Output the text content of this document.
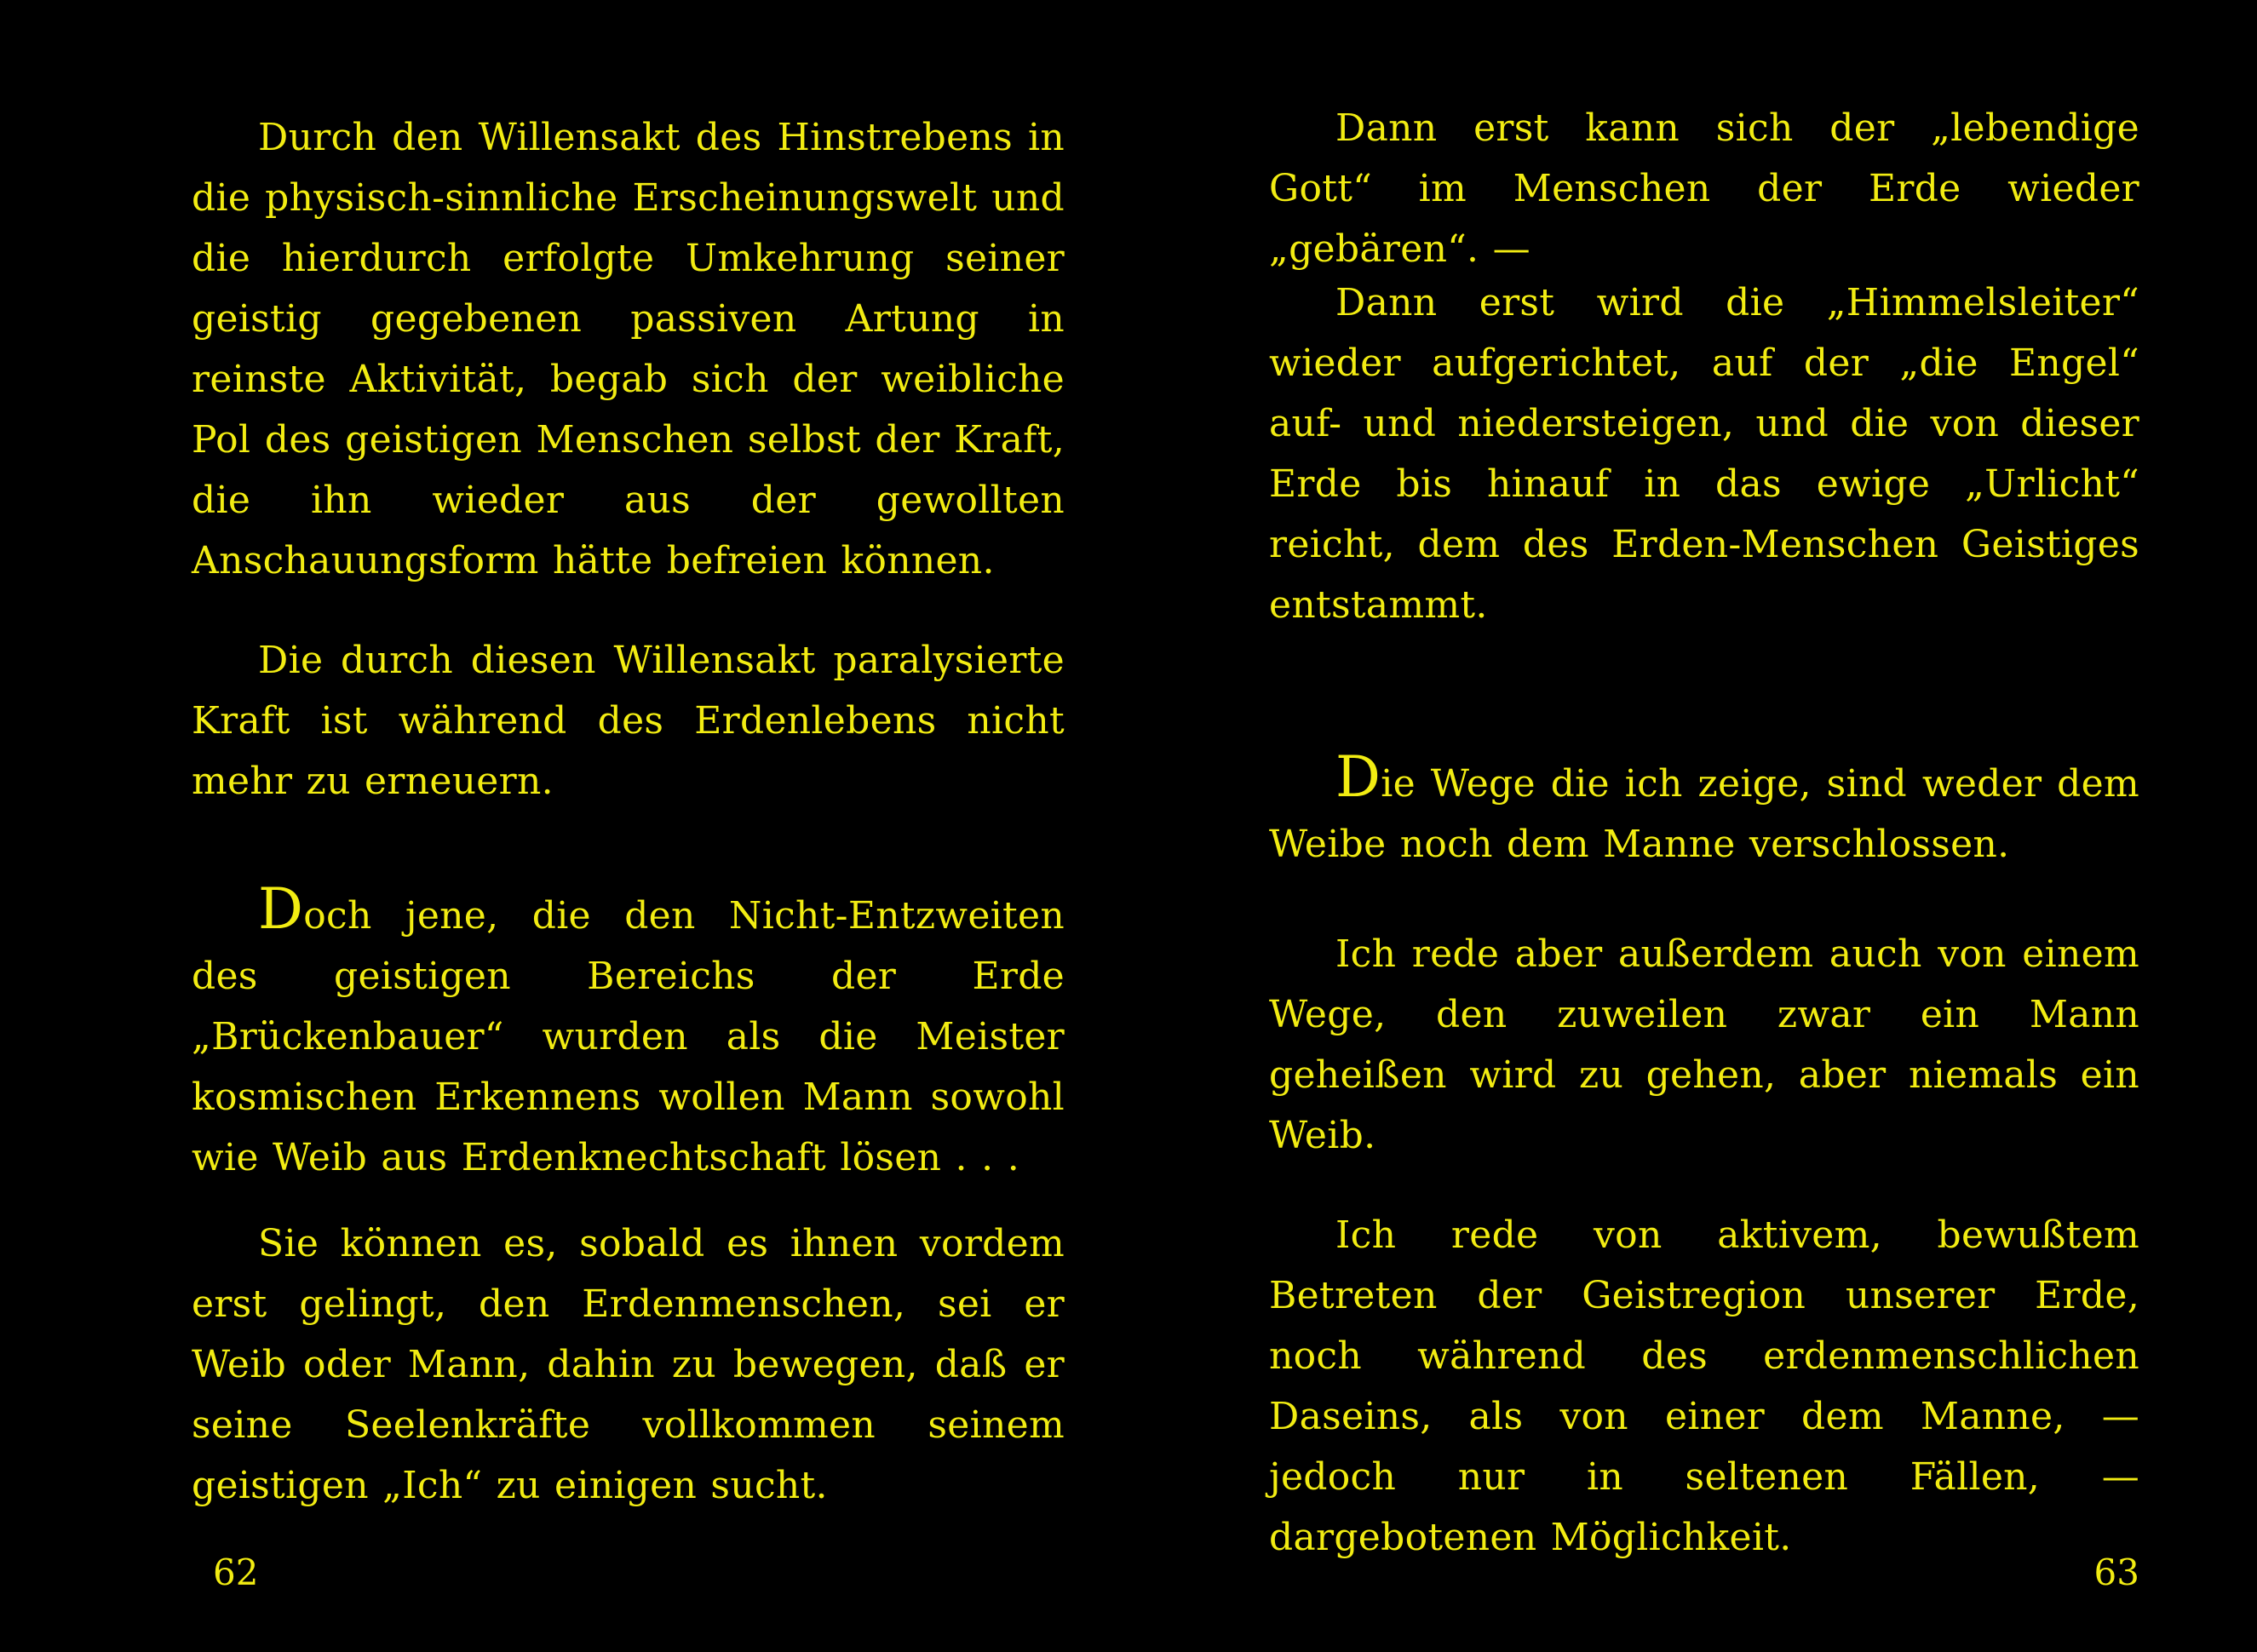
Durch den Willensakt des Hinstrebens in die physisch-sinnliche Erscheinungswelt und die hierdurch erfolgte Umkehrung seiner geistig gegebenen passiven Artung in reinste Aktivität, begab sich der weibliche Pol des geistigen Menschen selbst der Kraft, die ihn wieder aus der gewollten Anschauungsform hätte befreien können.

Die durch diesen Willensakt paralysierte Kraft ist während des Erdenlebens nicht mehr zu erneuern.

Doch jene, die den Nicht-Entzweiten des geistigen Bereichs der Erde „Brückenbauer“ wurden als die Meister kosmischen Erkennens wollen Mann sowohl wie Weib aus Erdenknechtschaft lösen . . .

Sie können es, sobald es ihnen vordem erst gelingt, den Erdenmenschen, sei er Weib oder Mann, dahin zu bewegen, daß er seine Seelenkräfte vollkommen seinem geistigen „Ich“ zu einigen sucht.

62

Dann erst kann sich der „lebendige Gott“ im Menschen der Erde wieder „gebären“. —

Dann erst wird die „Himmelsleiter“ wieder aufgerichtet, auf der „die Engel“ auf- und niedersteigen, und die von dieser Erde bis hinauf in das ewige „Urlicht“ reicht, dem des Erden-Menschen Geistiges entstammt.

Die Wege die ich zeige, sind weder dem Weibe noch dem Manne verschlossen.

Ich rede aber außerdem auch von einem Wege, den zuweilen zwar ein Mann geheißen wird zu gehen, aber niemals ein Weib.

Ich rede von aktivem, bewußtem Betreten der Geistregion unserer Erde, noch während des erdenmenschlichen Daseins, als von einer dem Manne, — jedoch nur in seltenen Fällen, — dargebotenen Möglichkeit.

63
